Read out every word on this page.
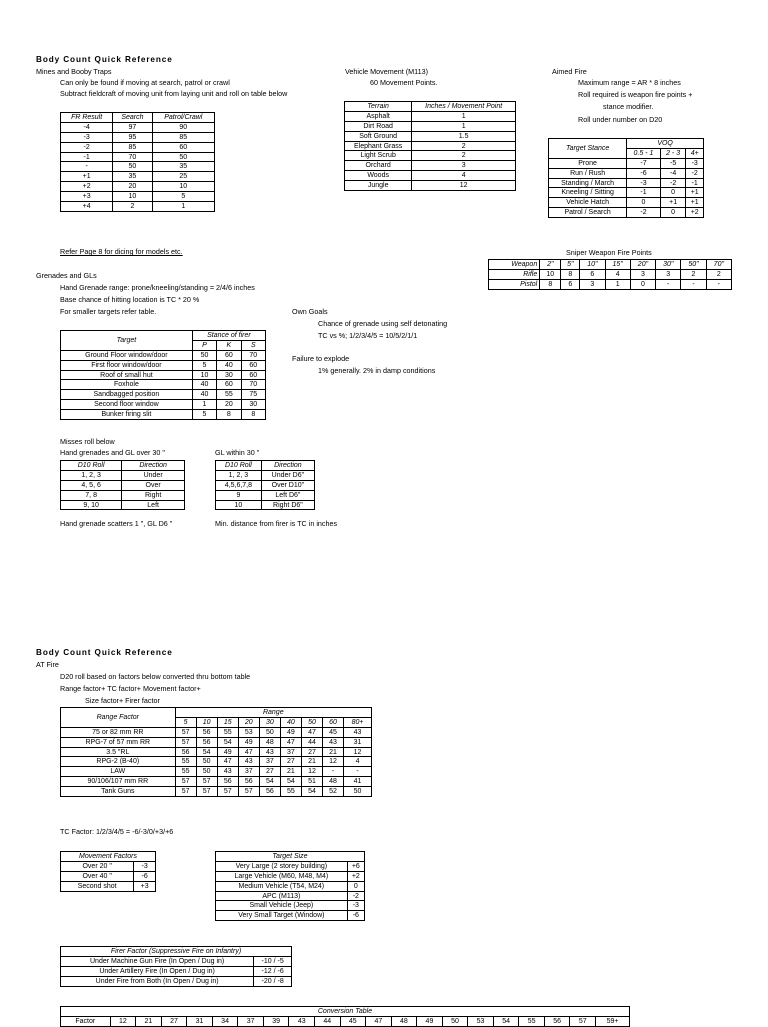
Body Count Quick Reference
Mines and Booby Traps
Can only be found if moving at search, patrol or crawl
Subtract fieldcraft of moving unit from laying unit and roll on table below
FR Result	Search	Patrol/Crawl
-4	97	90
-3	95	85
-2	85	60
-1	70	50
-	50	35
+1	35	25
+2	20	10
+3	10	5
+4	2	1
Refer Page 8 for dicing for models etc.
Vehicle Movement (M113)
60 Movement Points.
Terrain	Inches / Movement Point
Asphalt	1
Dirt Road	1
Soft Ground	1.5
Elephant Grass	2
Light Scrub	2
Orchard	3
Woods	4
Jungle	12
Aimed Fire
Maximum range = AR * 8 inches
Roll required is weapon fire points +
stance modifier.
Roll under number on D20
Target Stance	VOQ		
	0.5 - 1	2 - 3	4+
Prone	-7	-5	-3
Run / Rush	-6	-4	-2
Standing / March	-3	-2	-1
Kneeling / Sitting	-1	0	+1
Vehicle Hatch	0	+1	+1
Patrol / Search	-2	0	+2
Sniper Weapon Fire Points
Weapon	2"	5"	10"	15"	20"	30"	50"	70"
Rifle	10	8	6	4	3	3	2	2
Pistol	8	6	3	1	0	-	-	-
Grenades and GLs
Hand Grenade range: prone/kneeling/standing = 2/4/6 inches
Base chance of hitting location is TC * 20 %
For smaller targets refer table.
Target	Stance of firer		
	P	K	S
Ground Floor window/door	50	60	70
First floor window/door	5	40	60
Roof of small hut	10	30	60
Foxhole	40	60	70
Sandbagged position	40	55	75
Second floor window	1	20	30
Bunker firing slit	5	8	8
Misses roll below
Hand grenades and GL over 30 "	GL within 30 "
D10 Roll	Direction
1, 2, 3	Under
4, 5, 6	Over
7, 8	Right
9, 10	Left
D10 Roll	Direction
1, 2, 3	Under D6"
4,5,6,7,8	Over D10"
9	Left D6"
10	Right D6"
Hand grenade scatters 1 ", GL D6 "	Min. distance from firer is TC in inches
Own Goals
Chance of grenade using self detonating
TC vs %; 1/2/3/4/5 = 10/5/2/1/1
Failure to explode
1% generally. 2% in damp conditions
Body Count Quick Reference
AT Fire
D20 roll based on factors below converted thru bottom table
Range factor+ TC factor+ Movement factor+
Size factor+ Firer factor
Range Factor	Range								
	5	10	15	20	30	40	50	60	80+
75 or 82 mm RR	57	56	55	53	50	49	47	45	43
RPG-7 of 57 mm RR	57	56	54	49	48	47	44	43	31
3.5 "RL	56	54	49	47	43	37	27	21	12
RPG-2 (B-40)	55	50	47	43	37	27	21	12	4
LAW	55	50	43	37	27	21	12	-	-
90/106/107 mm RR	57	57	56	56	54	54	51	48	41
Tank Guns	57	57	57	57	56	55	54	52	50
TC Factor: 1/2/3/4/5 = -6/-3/0/+3/+6
Movement Factors	
Over 20 "	-3
Over 40 "	-6
Second shot	+3
Target Size	
Very Large (2 storey building)	+6
Large Vehicle (M60, M48, M4)	+2
Medium Vehicle (T54, M24)	0
APC (M113)	-2
Small Vehicle (Jeep)	-3
Very Small Target (Window)	-6
Firer Factor (Suppressive Fire on Infantry)	
Under Machine Gun Fire (In Open / Dug in)	-10 / -5
Under Artillery Fire (In Open / Dug in)	-12 / -6
Under Fire from Both (In Open / Dug in)	-20 / -8
Conversion Table
Factor	12	21	27	31	34	37	39	43	44	45	47	48	49	50	53	54	55	56	57	59+
